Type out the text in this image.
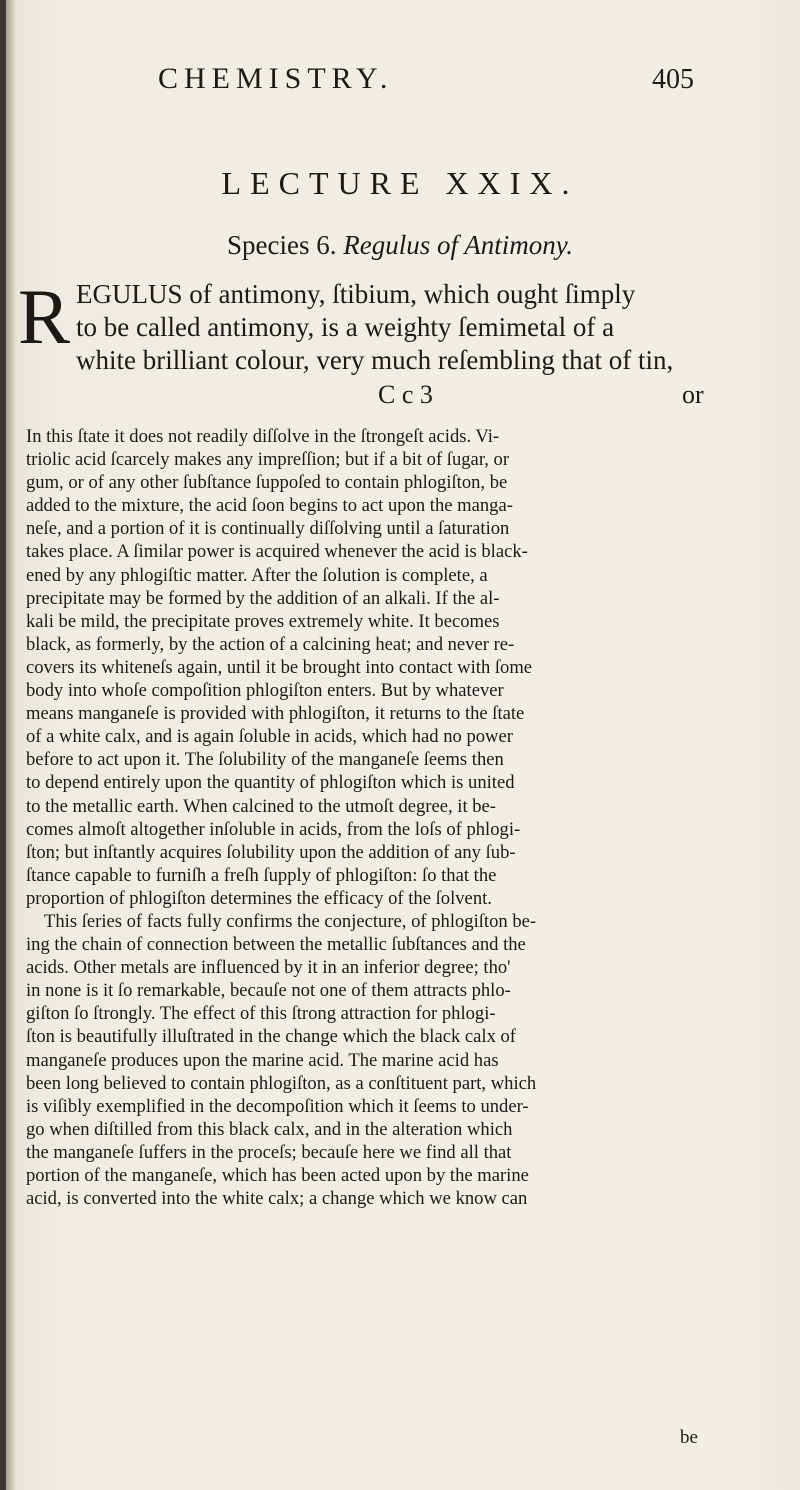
CHEMISTRY.	405
LECTURE XXIX.
Species 6. Regulus of Antimony.
R EGULUS of antimony, ſtibium, which ought ſimply
to be called antimony, is a weighty ſemimetal of a
white brilliant colour, very much reſembling that of tin,
C c 3	or
In this ſtate it does not readily diſſolve in the ſtrongeſt acids. Vi-
triolic acid ſcarcely makes any impreſſion; but if a bit of ſugar, or
gum, or of any other ſubſtance ſuppoſed to contain phlogiſton, be
added to the mixture, the acid ſoon begins to act upon the manga-
neſe, and a portion of it is continually diſſolving until a ſaturation
takes place. A ſimilar power is acquired whenever the acid is black-
ened by any phlogiſtic matter. After the ſolution is complete, a
precipitate may be formed by the addition of an alkali. If the al-
kali be mild, the precipitate proves extremely white. It becomes
black, as formerly, by the action of a calcining heat; and never re-
covers its whiteneſs again, until it be brought into contact with ſome
body into whoſe compoſition phlogiſton enters. But by whatever
means manganeſe is provided with phlogiſton, it returns to the ſtate
of a white calx, and is again ſoluble in acids, which had no power
before to act upon it. The ſolubility of the manganeſe ſeems then
to depend entirely upon the quantity of phlogiſton which is united
to the metallic earth. When calcined to the utmoſt degree, it be-
comes almoſt altogether inſoluble in acids, from the loſs of phlogi-
ſton; but inſtantly acquires ſolubility upon the addition of any ſub-
ſtance capable to furniſh a freſh ſupply of phlogiſton: ſo that the
proportion of phlogiſton determines the efficacy of the ſolvent.
This ſeries of facts fully confirms the conjecture, of phlogiſton be-
ing the chain of connection between the metallic ſubſtances and the
acids. Other metals are influenced by it in an inferior degree; tho'
in none is it ſo remarkable, becauſe not one of them attracts phlo-
giſton ſo ſtrongly. The effect of this ſtrong attraction for phlogi-
ſton is beautifully illuſtrated in the change which the black calx of
manganeſe produces upon the marine acid. The marine acid has
been long believed to contain phlogiſton, as a conſtituent part, which
is viſibly exemplified in the decompoſition which it ſeems to under-
go when diſtilled from this black calx, and in the alteration which
the manganeſe ſuffers in the proceſs; becauſe here we find all that
portion of the manganeſe, which has been acted upon by the marine
acid, is converted into the white calx; a change which we know can
be
